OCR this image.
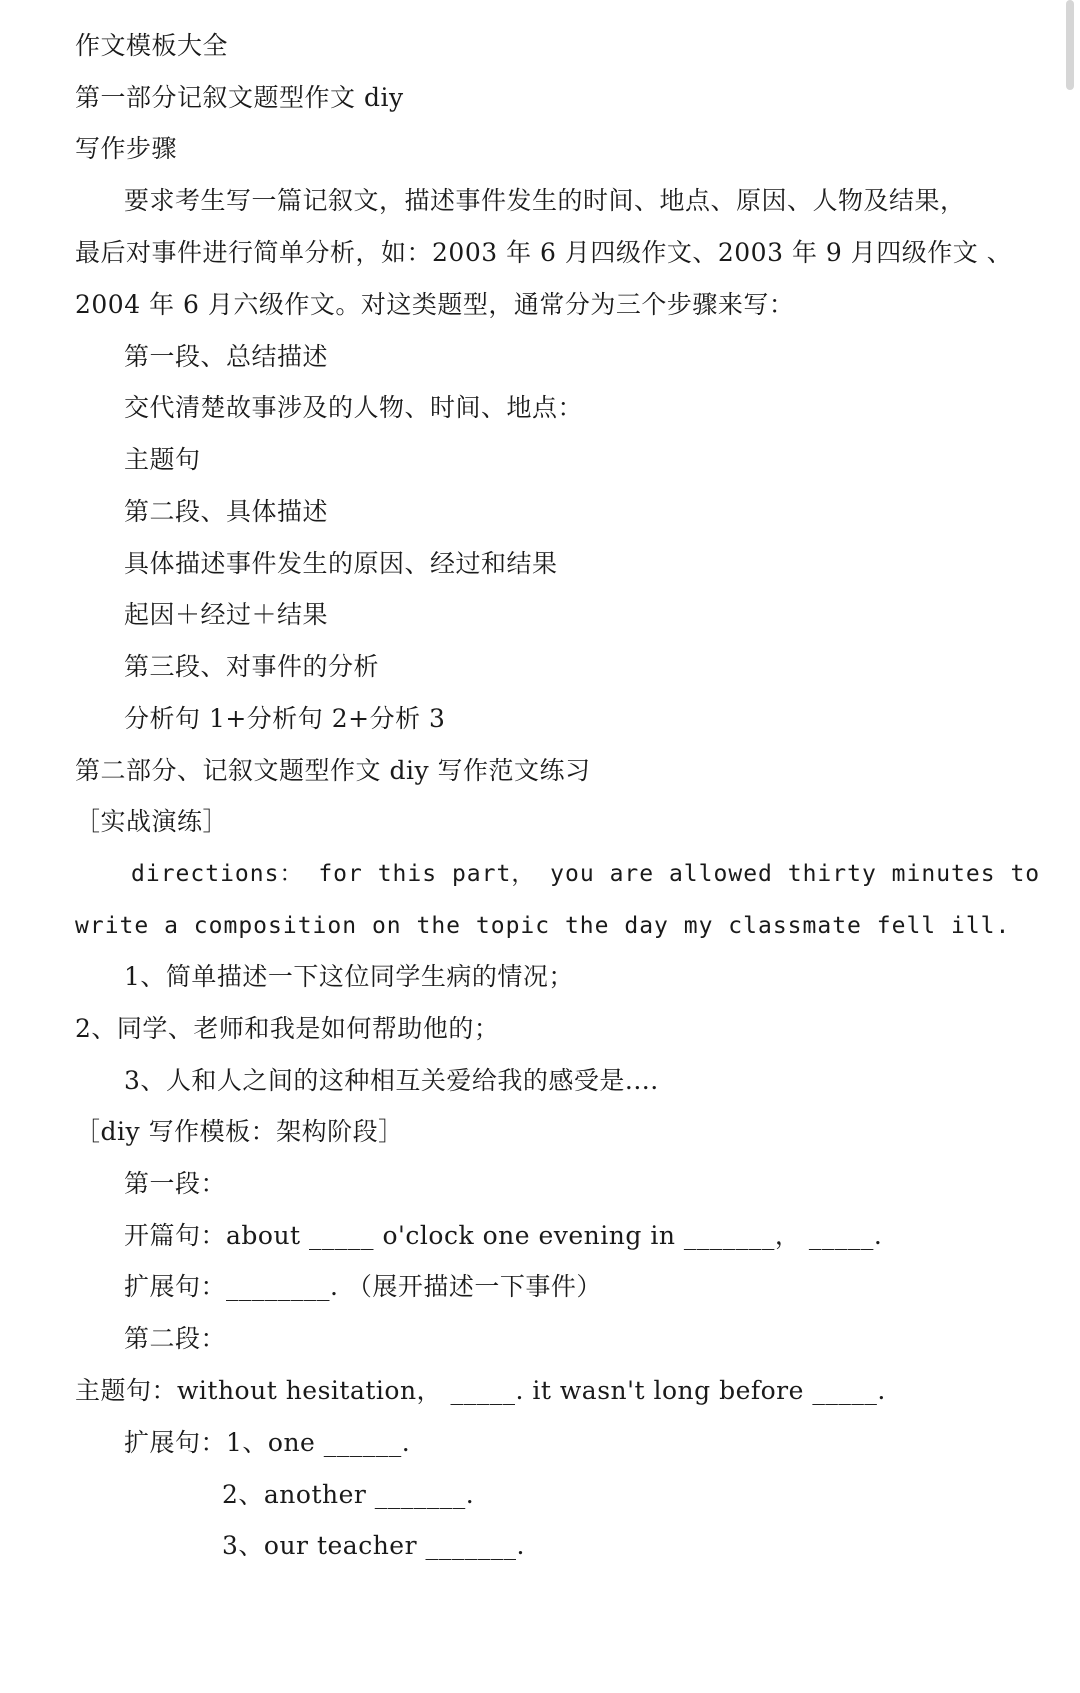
作文模板大全
第一部分记叙文题型作文 diy
写作步骤
要求考生写一篇记叙文，描述事件发生的时间、地点、原因、人物及结果，
最后对事件进行简单分析，如：2003 年 6 月四级作文、2003 年 9 月四级作文 、
2004 年 6 月六级作文。对这类题型，通常分为三个步骤来写：
第一段、总结描述
交代清楚故事涉及的人物、时间、地点：
主题句
第二段、具体描述
具体描述事件发生的原因、经过和结果
起因＋经过＋结果
第三段、对事件的分析
分析句 1+分析句 2+分析 3
第二部分、记叙文题型作文 diy 写作范文练习
［实战演练］
directions： for this part， you are allowed thirty minutes to
write a composition on the topic the day my classmate fell ill.
1、简单描述一下这位同学生病的情况；
2、同学、老师和我是如何帮助他的；
3、人和人之间的这种相互关爱给我的感受是....
［diy 写作模板：架构阶段］
第一段：
开篇句：about _____ o'clock one evening in _______， _____.
扩展句：________. （展开描述一下事件）
第二段：
主题句：without hesitation， _____. it wasn't long before _____.
扩展句：1、one ______.
2、another _______.
3、our teacher _______.
